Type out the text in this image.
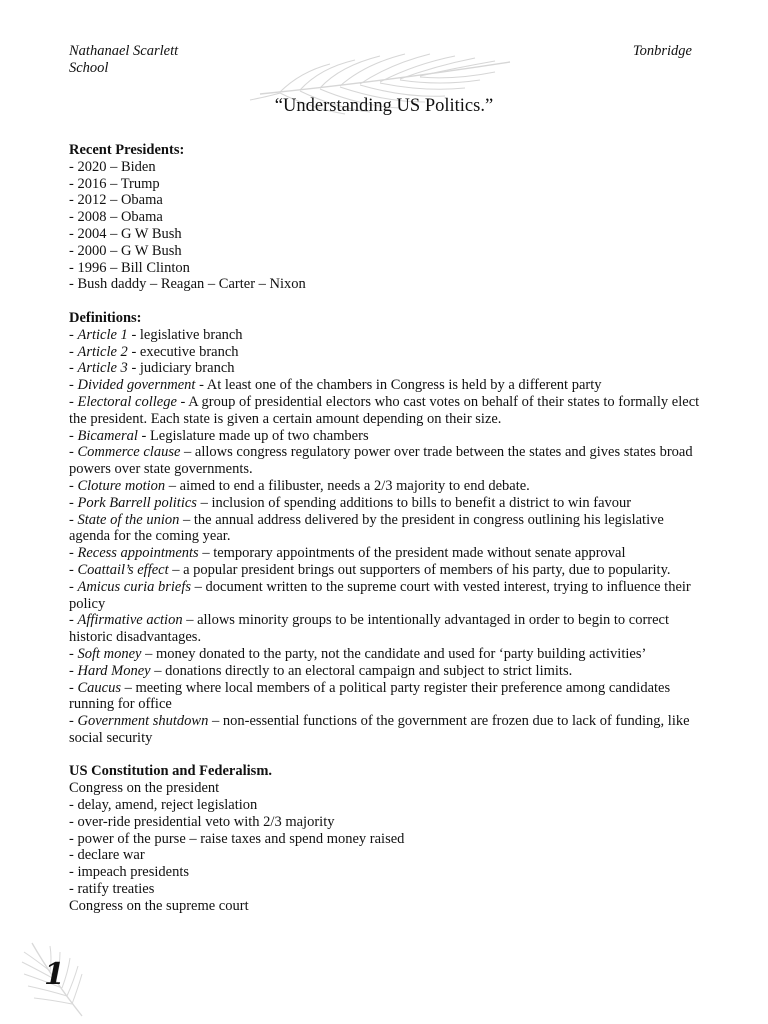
Nathanael Scarlett
School
Tonbridge
“Understanding US Politics.”
Recent Presidents:
- 2020 – Biden
- 2016 – Trump
- 2012 – Obama
- 2008 – Obama
- 2004 – G W Bush
- 2000 – G W Bush
- 1996 – Bill Clinton
- Bush daddy – Reagan – Carter – Nixon
Definitions:
- Article 1 - legislative branch
- Article 2 - executive branch
- Article 3 - judiciary branch
- Divided government - At least one of the chambers in Congress is held by a different party
- Electoral college - A group of presidential electors who cast votes on behalf of their states to formally elect the president. Each state is given a certain amount depending on their size.
- Bicameral - Legislature made up of two chambers
- Commerce clause – allows congress regulatory power over trade between the states and gives states broad powers over state governments.
- Cloture motion – aimed to end a filibuster, needs a 2/3 majority to end debate.
- Pork Barrell politics – inclusion of spending additions to bills to benefit a district to win favour
- State of the union – the annual address delivered by the president in congress outlining his legislative agenda for the coming year.
- Recess appointments – temporary appointments of the president made without senate approval
- Coattail’s effect – a popular president brings out supporters of members of his party, due to popularity.
- Amicus curia briefs – document written to the supreme court with vested interest, trying to influence their policy
- Affirmative action – allows minority groups to be intentionally advantaged in order to begin to correct historic disadvantages.
- Soft money – money donated to the party, not the candidate and used for ‘party building activities’
- Hard Money – donations directly to an electoral campaign and subject to strict limits.
- Caucus – meeting where local members of a political party register their preference among candidates running for office
- Government shutdown – non-essential functions of the government are frozen due to lack of funding, like social security
US Constitution and Federalism.
Congress on the president
- delay, amend, reject legislation
- over-ride presidential veto with 2/3 majority
- power of the purse – raise taxes and spend money raised
- declare war
- impeach presidents
- ratify treaties
Congress on the supreme court
1
